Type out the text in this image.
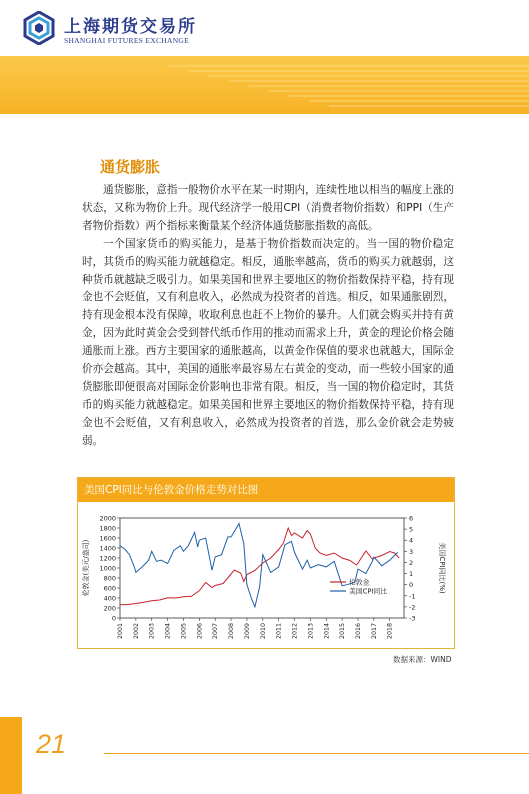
上海期货交易所
SHANGHAI FUTURES EXCHANGE
通货膨胀

通货膨胀，意指一般物价水平在某一时期内，连续性地以相当的幅度上涨的状态，又称为物价上升。现代经济学一般用CPI（消费者物价指数）和PPI（生产者物价指数）两个指标来衡量某个经济体通货膨胀指数的高低。

一个国家货币的购买能力，是基于物价指数而决定的。当一国的物价稳定时，其货币的购买能力就越稳定。相反，通胀率越高，货币的购买力就越弱，这种货币就越缺乏吸引力。如果美国和世界主要地区的物价指数保持平稳，持有现金也不会贬值，又有利息收入，必然成为投资者的首选。相反，如果通胀剧烈，持有现金根本没有保障，收取利息也赶不上物价的暴升。人们就会购买并持有黄金，因为此时黄金会受到替代纸币作用的推动而需求上升，黄金的理论价格会随通胀而上涨。西方主要国家的通胀越高，以黄金作保值的要求也就越大，国际金价亦会越高。其中，美国的通胀率最容易左右黄金的变动，而一些较小国家的通货膨胀即便很高对国际金价影响也非常有限。相反，当一国的物价稳定时，其货币的购买能力就越稳定。如果美国和世界主要地区的物价指数保持平稳，持有现金也不会贬值，又有利息收入，必然成为投资者的首选，那么金价就会走势疲弱。

美国CPI同比与伦敦金价格走势对比图
0
200
400
600
800
1000
1200
1400
1600
1800
2000
-3
-2
-1
0
1
2
3
4
5
6
2001 2002 2003 2004 2005 2006 2007 2008 2009 2010 2011 2012 2013 2014 2015 2016 2017 2018
伦敦金(美元/盎司)	美国CPI同比(%)
伦敦金
美国CPI同比
数据来源：WIND
21
